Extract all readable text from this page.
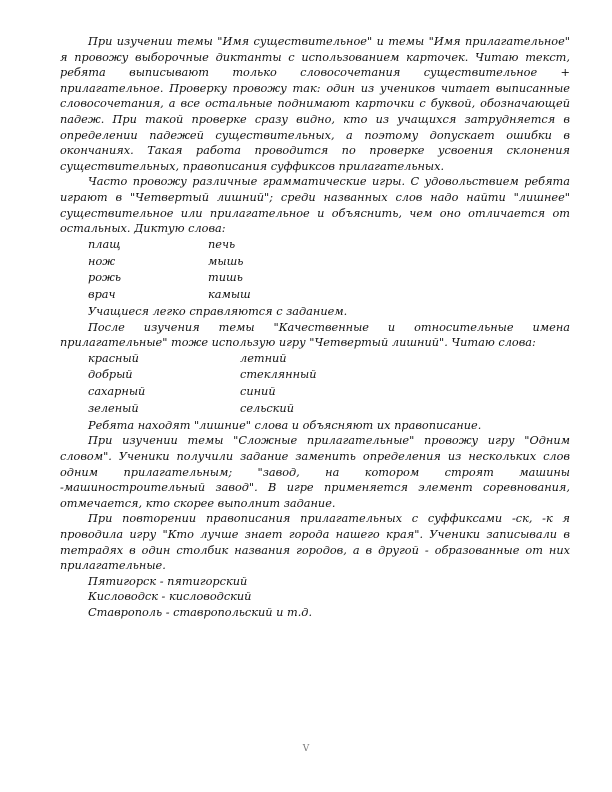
При изучении темы "Имя существительное" и темы "Имя прилагательное" я провожу выборочные диктанты с использованием карточек. Читаю текст, ребята выписывают только словосочетания существительное + прилагательное. Проверку провожу так: один из учеников читает выписанные словосочетания, а все остальные поднимают карточки с буквой, обозначающей падеж. При такой проверке сразу видно, кто из учащихся затрудняется в определении падежей существительных, а поэтому допускает ошибки в окончаниях. Такая работа проводится по проверке усвоения склонения существительных, правописания суффиксов прилагательных.

Часто провожу различные грамматические игры. С удовольствием ребята играют в "Четвертый лишний"; среди названных слов надо найти "лишнее" существительное или прилагательное и объяснить, чем оно отличается от остальных. Диктую слова:

плащ	печь
нож	мышь
рожь	тишь
врач	камыш

Учащиеся легко справляются с заданием.

После изучения темы "Качественные и относительные имена прилагательные" тоже использую игру "Четвертый лишний". Читаю слова:

красный	летний
добрый	стеклянный
сахарный	синий
зеленый	сельский

Ребята находят "лишние" слова и объясняют их правописание.

При изучении темы "Сложные прилагательные" провожу игру "Одним словом". Ученики получили задание заменить определения из нескольких слов одним прилагательным; "завод, на котором строят машины -машиностроительный завод". В игре применяется элемент соревнования, отмечается, кто скорее выполнит задание.

При повторении правописания прилагательных с суффиксами -ск, -к я проводила игру "Кто лучше знает города нашего края". Ученики записывали в тетрадях в один столбик названия городов, а в другой - образованные от них прилагательные.

Пятигорск - пятигорский

Кисловодск - кисловодский

Ставрополь - ставропольский и т.д.

V
